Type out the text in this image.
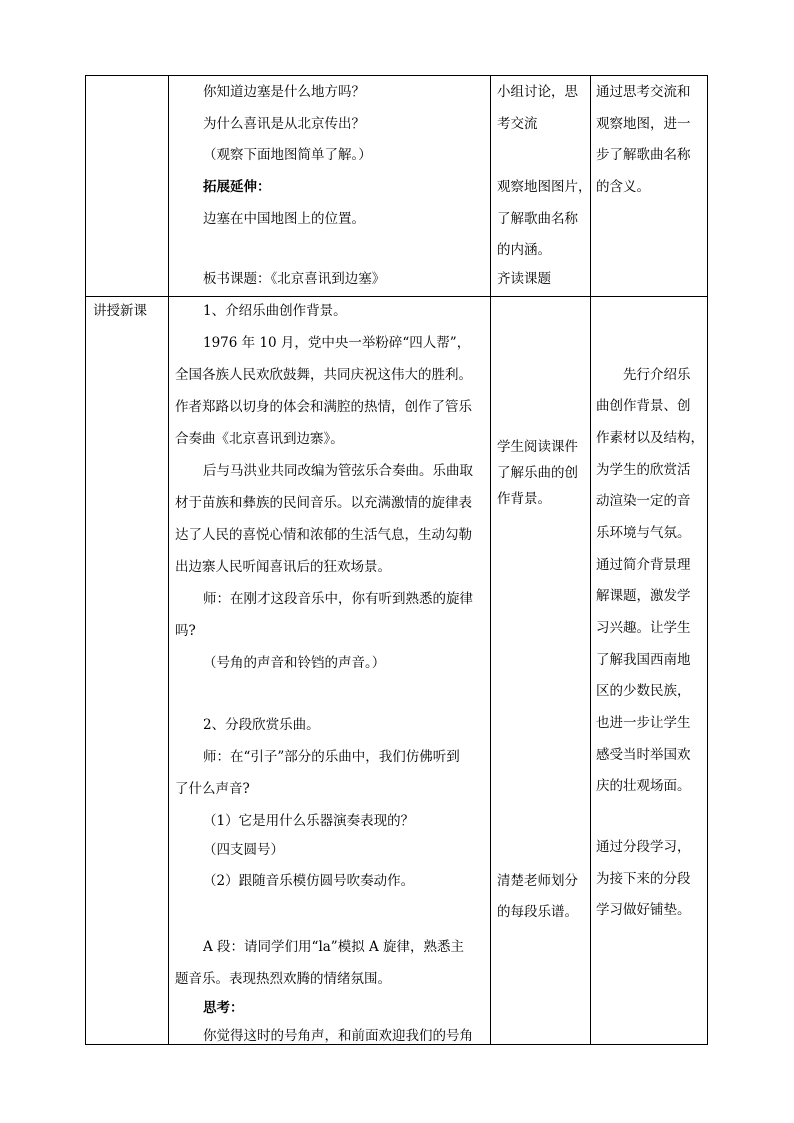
你知道边塞是什么地方吗？
为什么喜讯是从北京传出？
（观察下面地图简单了解。）
拓展延伸：
边塞在中国地图上的位置。
板书课题：《北京喜讯到边塞》
小组讨论，思
考交流
观察地图图片，
了解歌曲名称
的内涵。
齐读课题
通过思考交流和
观察地图，进一
步了解歌曲名称
的含义。
讲授新课	1、介绍乐曲创作背景。
1976 年 10 月，党中央一举粉碎“四人帮”，
全国各族人民欢欣鼓舞，共同庆祝这伟大的胜利。
作者郑路以切身的体会和满腔的热情，创作了管乐
合奏曲《北京喜讯到边寨》。
后与马洪业共同改编为管弦乐合奏曲。乐曲取
材于苗族和彝族的民间音乐。以充满激情的旋律表
达了人民的喜悦心情和浓郁的生活气息，生动勾勒
出边寨人民听闻喜讯后的狂欢场景。
师：在刚才这段音乐中，你有听到熟悉的旋律
吗?
（号角的声音和铃铛的声音。）
2、分段欣赏乐曲。
师：在“引子”部分的乐曲中，我们仿佛听到
了什么声音?
（1）它是用什么乐器演奏表现的？
（四支圆号）
（2）跟随音乐模仿圆号吹奏动作。
A 段：请同学们用“la”模拟 A 旋律，熟悉主
题音乐。表现热烈欢腾的情绪氛围。
思考：
你觉得这时的号角声，和前面欢迎我们的号角
学生阅读课件
了解乐曲的创
作背景。
清楚老师划分
的每段乐谱。
先行介绍乐
曲创作背景、创
作素材以及结构，
为学生的欣赏活
动渲染一定的音
乐环境与气氛。
通过简介背景理
解课题，激发学
习兴趣。让学生
了解我国西南地
区的少数民族，
也进一步让学生
感受当时举国欢
庆的壮观场面。
通过分段学习，
为接下来的分段
学习做好铺垫。
